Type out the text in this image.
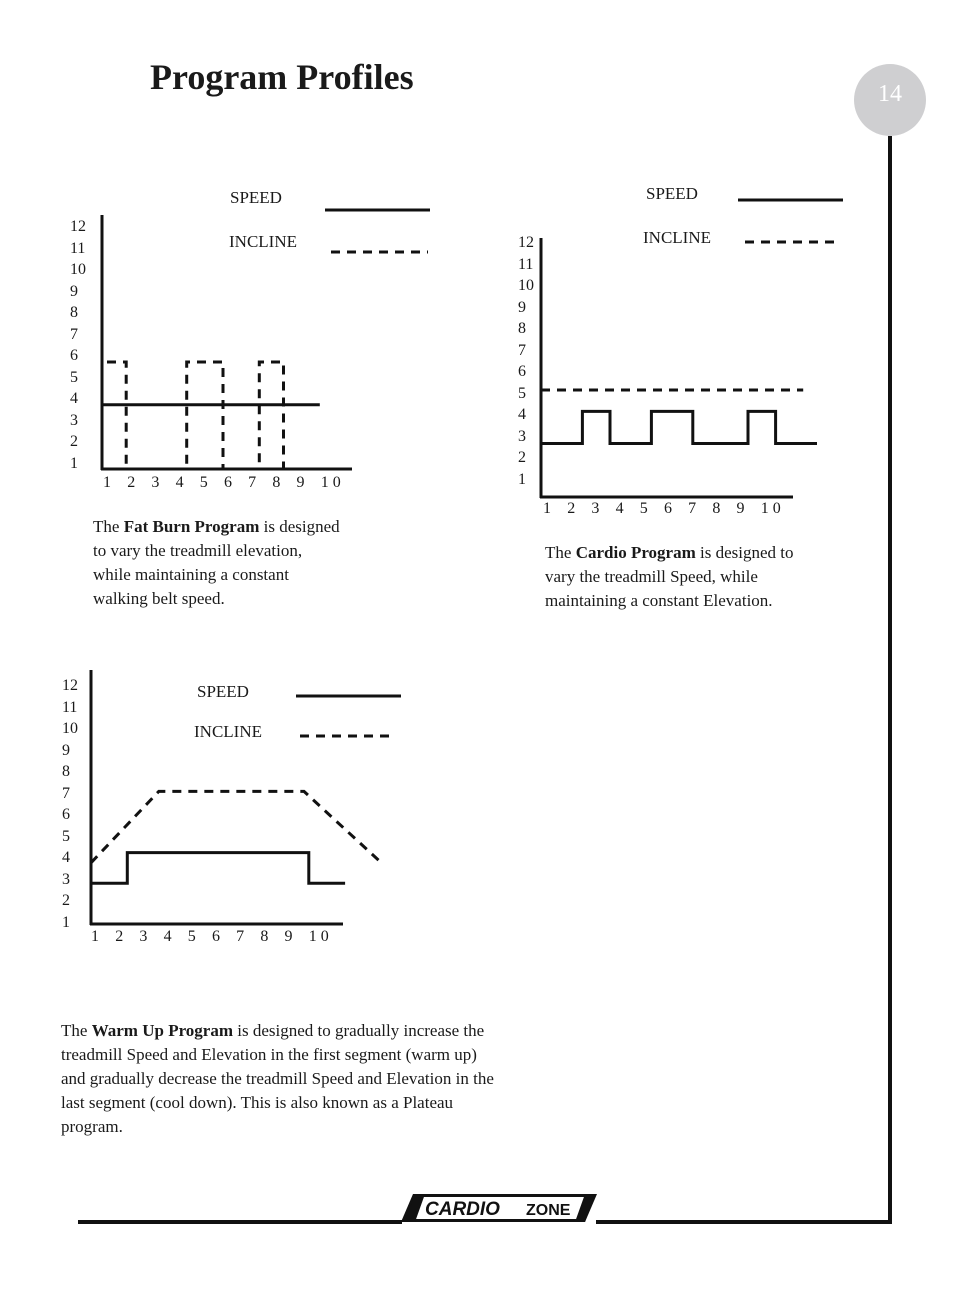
Program Profiles	14
SPEED
INCLINE
12
11
10
9
8
7
6
5
4
3
2
1
1 2 3 4 5 6 7 8 9 1 0

The Fat Burn Program is designed to vary the treadmill elevation, while maintaining a constant walking belt speed.

SPEED
INCLINE
12
11
10
9
8
7
6
5
4
3
2
1
1 2 3 4 5 6 7 8 9 1 0

The Cardio Program is designed to vary the treadmill Speed, while maintaining a constant Elevation.

SPEED
INCLINE
12
11
10
9
8
7
6
5
4
3
2
1
1 2 3 4 5 6 7 8 9 1 0

The Warm Up Program is designed to gradually increase the treadmill Speed and Elevation in the first segment (warm up) and gradually decrease the treadmill Speed and Elevation in the last segment (cool down). This is also known as a Plateau program.

CARDIO ZONE
